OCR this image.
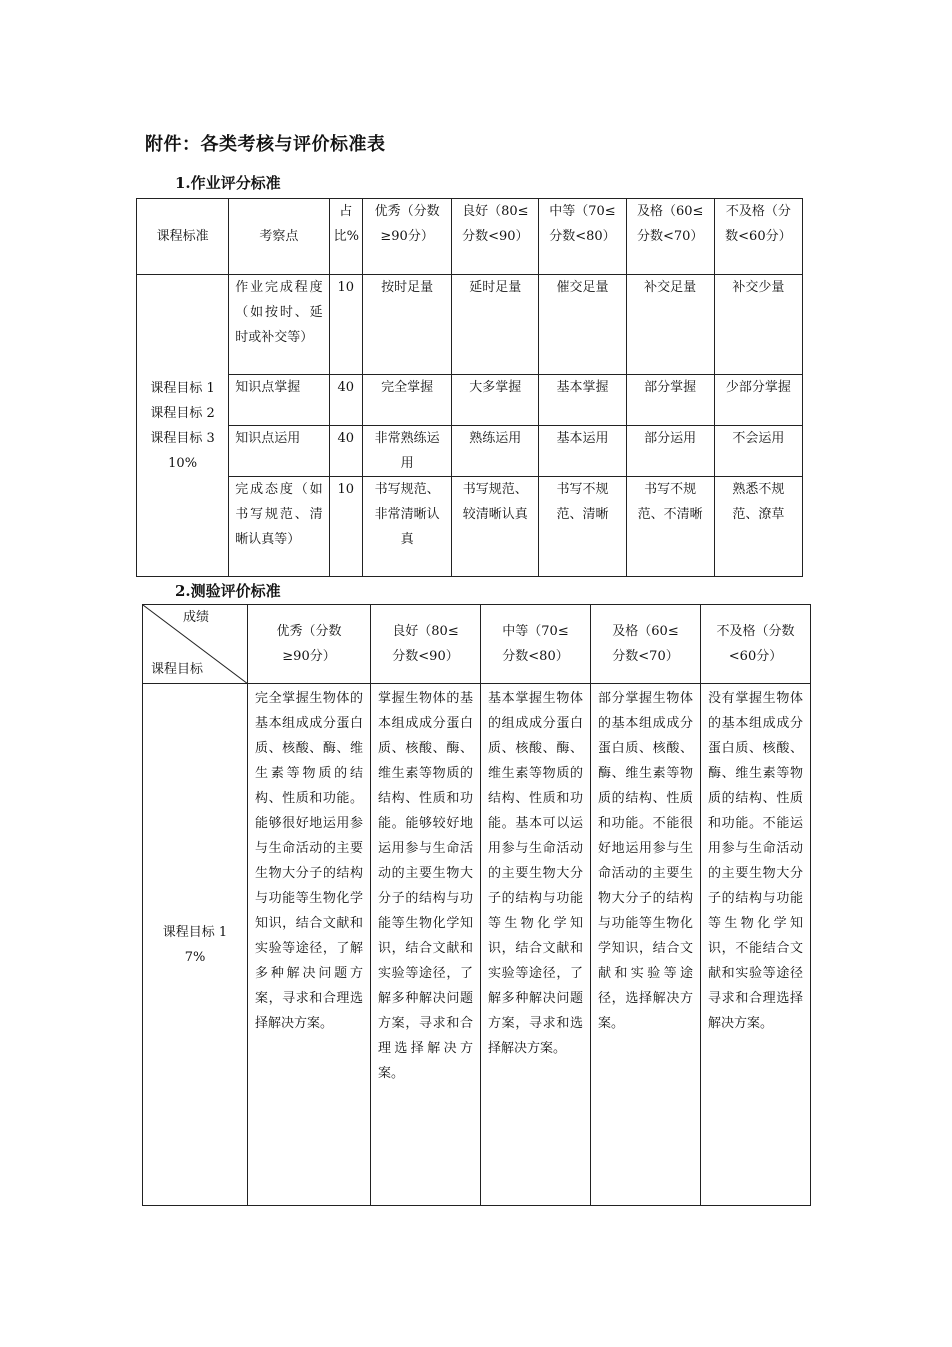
附件：各类考核与评价标准表
1.作业评分标准
课程标准	考察点	占比%	优秀（分数≥90分）	良好（80≤分数<90）	中等（70≤分数<80）	及格（60≤分数<70）	不及格（分数<60分）

课程目标 1 课程目标 2 课程目标 3
10%	作业完成程度（如按时、延时或补交等）	10	按时足量	延时足量	催交足量	补交足量	补交少量
	知识点掌握	40	完全掌握	大多掌握	基本掌握	部分掌握	少部分掌握
	知识点运用	40	非常熟练运用	熟练运用	基本运用	部分运用	不会运用
	完成态度（如书写规范、清晰认真等）	10	书写规范、非常清晰认真	书写规范、较清晰认真	书写不规范、清晰	书写不规范、不清晰	熟悉不规范、潦草
2.测验评价标准
成绩
课程目标	优秀（分数≥90分）	良好（80≤分数<90）	中等（70≤分数<80）	及格（60≤分数<70）	不及格（分数<60分）

课程目标 1
7%	完全掌握生物体的基本组成成分蛋白质、核酸、酶、维生素等物质的结构、性质和功能。能够很好地运用参与生命活动的主要生物大分子的结构与功能等生物化学知识，结合文献和实验等途径，了解多种解决问题方案，寻求和合理选择解决方案。	掌握生物体的基本组成成分蛋白质、核酸、酶、维生素等物质的结构、性质和功能。能够较好地运用参与生命活动的主要生物大分子的结构与功能等生物化学知识，结合文献和实验等途径，了解多种解决问题方案，寻求和合理选择解决方案。	基本掌握生物体的组成成分蛋白质、核酸、酶、维生素等物质的结构、性质和功能。基本可以运用参与生命活动的主要生物大分子的结构与功能等生物化学知识，结合文献和实验等途径，了解多种解决问题方案，寻求和选择解决方案。	部分掌握生物体的基本组成成分蛋白质、核酸、酶、维生素等物质的结构、性质和功能。不能很好地运用参与生命活动的主要生物大分子的结构与功能等生物化学知识，结合文献和实验等途径，选择解决方案。	没有掌握生物体的基本组成成分蛋白质、核酸、酶、维生素等物质的结构、性质和功能。不能运用参与生命活动的主要生物大分子的结构与功能等生物化学知识，不能结合文献和实验等途径寻求和合理选择解决方案。
